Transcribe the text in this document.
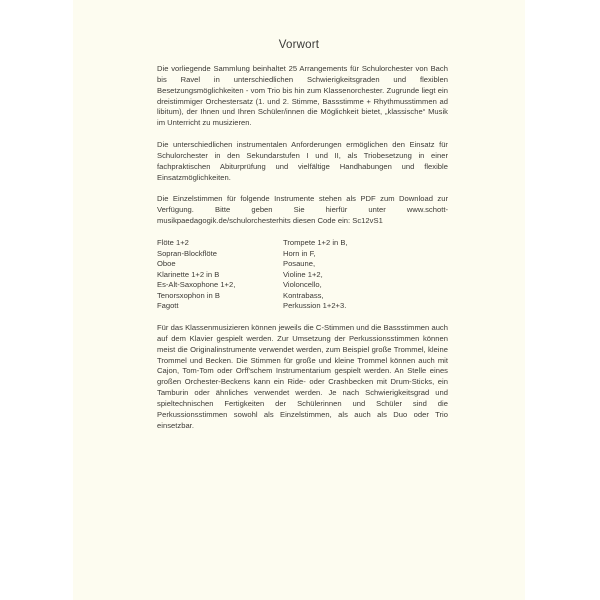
Vorwort

Die vorliegende Sammlung beinhaltet 25 Arrangements für Schulorchester von Bach bis Ravel in unterschiedlichen Schwierigkeitsgraden und flexiblen Besetzungsmöglichkeiten - vom Trio bis hin zum Klassenorchester. Zugrunde liegt ein dreistimmiger Orchestersatz (1. und 2. Stimme, Bassstimme + Rhythmusstimmen ad libitum), der Ihnen und Ihren Schüler/innen die Möglichkeit bietet, „klassische“ Musik im Unterricht zu musizieren.

Die unterschiedlichen instrumentalen Anforderungen ermöglichen den Einsatz für Schulorchester in den Sekundarstufen I und II, als Triobesetzung in einer fachpraktischen Abiturprüfung und vielfältige Handhabungen und flexible Einsatzmöglichkeiten.

Die Einzelstimmen für folgende Instrumente stehen als PDF zum Download zur Verfügung. Bitte geben Sie hierfür unter www.schott-musikpaedagogik.de/schulorchesterhits diesen Code ein: Sc12vS1

Flöte 1+2
Sopran-Blockflöte
Oboe
Klarinette 1+2 in B
Es-Alt-Saxophone 1+2,
Tenorsxophon in B
Fagott
Trompete 1+2 in B,
Horn in F,
Posaune,
Violine 1+2,
Violoncello,
Kontrabass,
Perkussion 1+2+3.

Für das Klassenmusizieren können jeweils die C-Stimmen und die Bassstimmen auch auf dem Klavier gespielt werden. Zur Umsetzung der Perkussionsstimmen können meist die Originalinstrumente verwendet werden, zum Beispiel große Trommel, kleine Trommel und Becken. Die Stimmen für große und kleine Trommel können auch mit Cajon, Tom-Tom oder Orff'schem Instrumentarium gespielt werden. An Stelle eines großen Orchester-Beckens kann ein Ride- oder Crashbecken mit Drum-Sticks, ein Tamburin oder ähnliches verwendet werden. Je nach Schwierigkeitsgrad und spieltechnischen Fertigkeiten der Schülerinnen und Schüler sind die Perkussionsstimmen sowohl als Einzelstimmen, als auch als Duo oder Trio einsetzbar.
